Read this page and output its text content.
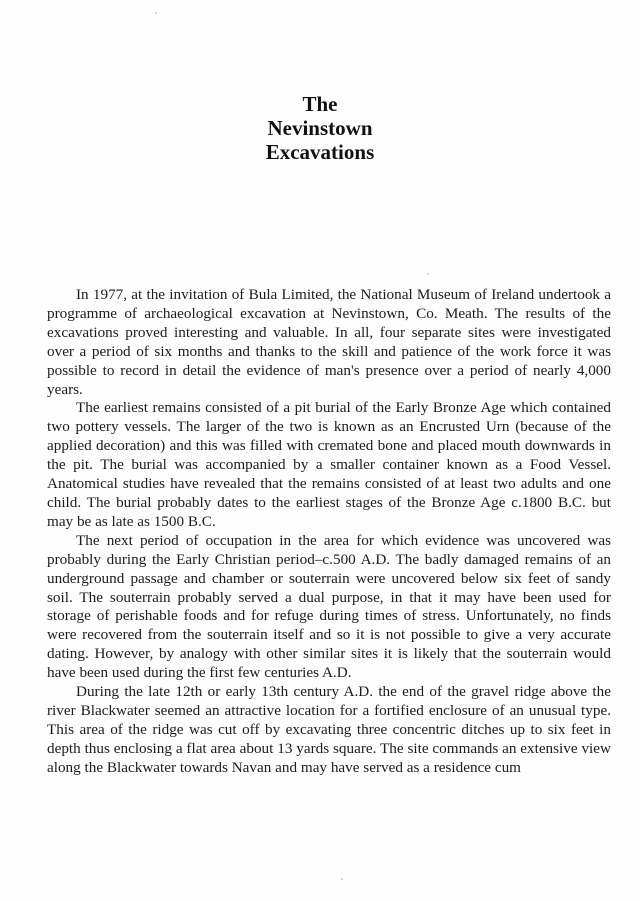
The
Nevinstown
Excavations

In 1977, at the invitation of Bula Limited, the National Museum of Ireland undertook a programme of archaeological excavation at Nevinstown, Co. Meath. The results of the excavations proved interesting and valuable. In all, four separate sites were investigated over a period of six months and thanks to the skill and patience of the work force it was possible to record in detail the evidence of man's presence over a period of nearly 4,000 years.

The earliest remains consisted of a pit burial of the Early Bronze Age which contained two pottery vessels. The larger of the two is known as an Encrusted Urn (because of the applied decoration) and this was filled with cremated bone and placed mouth downwards in the pit. The burial was accompanied by a smaller container known as a Food Vessel. Anatomical studies have revealed that the remains consisted of at least two adults and one child. The burial probably dates to the earliest stages of the Bronze Age c.1800 B.C. but may be as late as 1500 B.C.

The next period of occupation in the area for which evidence was uncovered was probably during the Early Christian period–c.500 A.D. The badly damaged remains of an underground passage and chamber or souterrain were uncovered below six feet of sandy soil. The souterrain probably served a dual purpose, in that it may have been used for storage of perishable foods and for refuge during times of stress. Unfortunately, no finds were recovered from the souterrain itself and so it is not possible to give a very accurate dating. However, by analogy with other similar sites it is likely that the souterrain would have been used during the first few centuries A.D.

During the late 12th or early 13th century A.D. the end of the gravel ridge above the river Blackwater seemed an attractive location for a fortified enclosure of an unusual type. This area of the ridge was cut off by excavating three concentric ditches up to six feet in depth thus enclosing a flat area about 13 yards square. The site commands an extensive view along the Blackwater towards Navan and may have served as a residence cum
